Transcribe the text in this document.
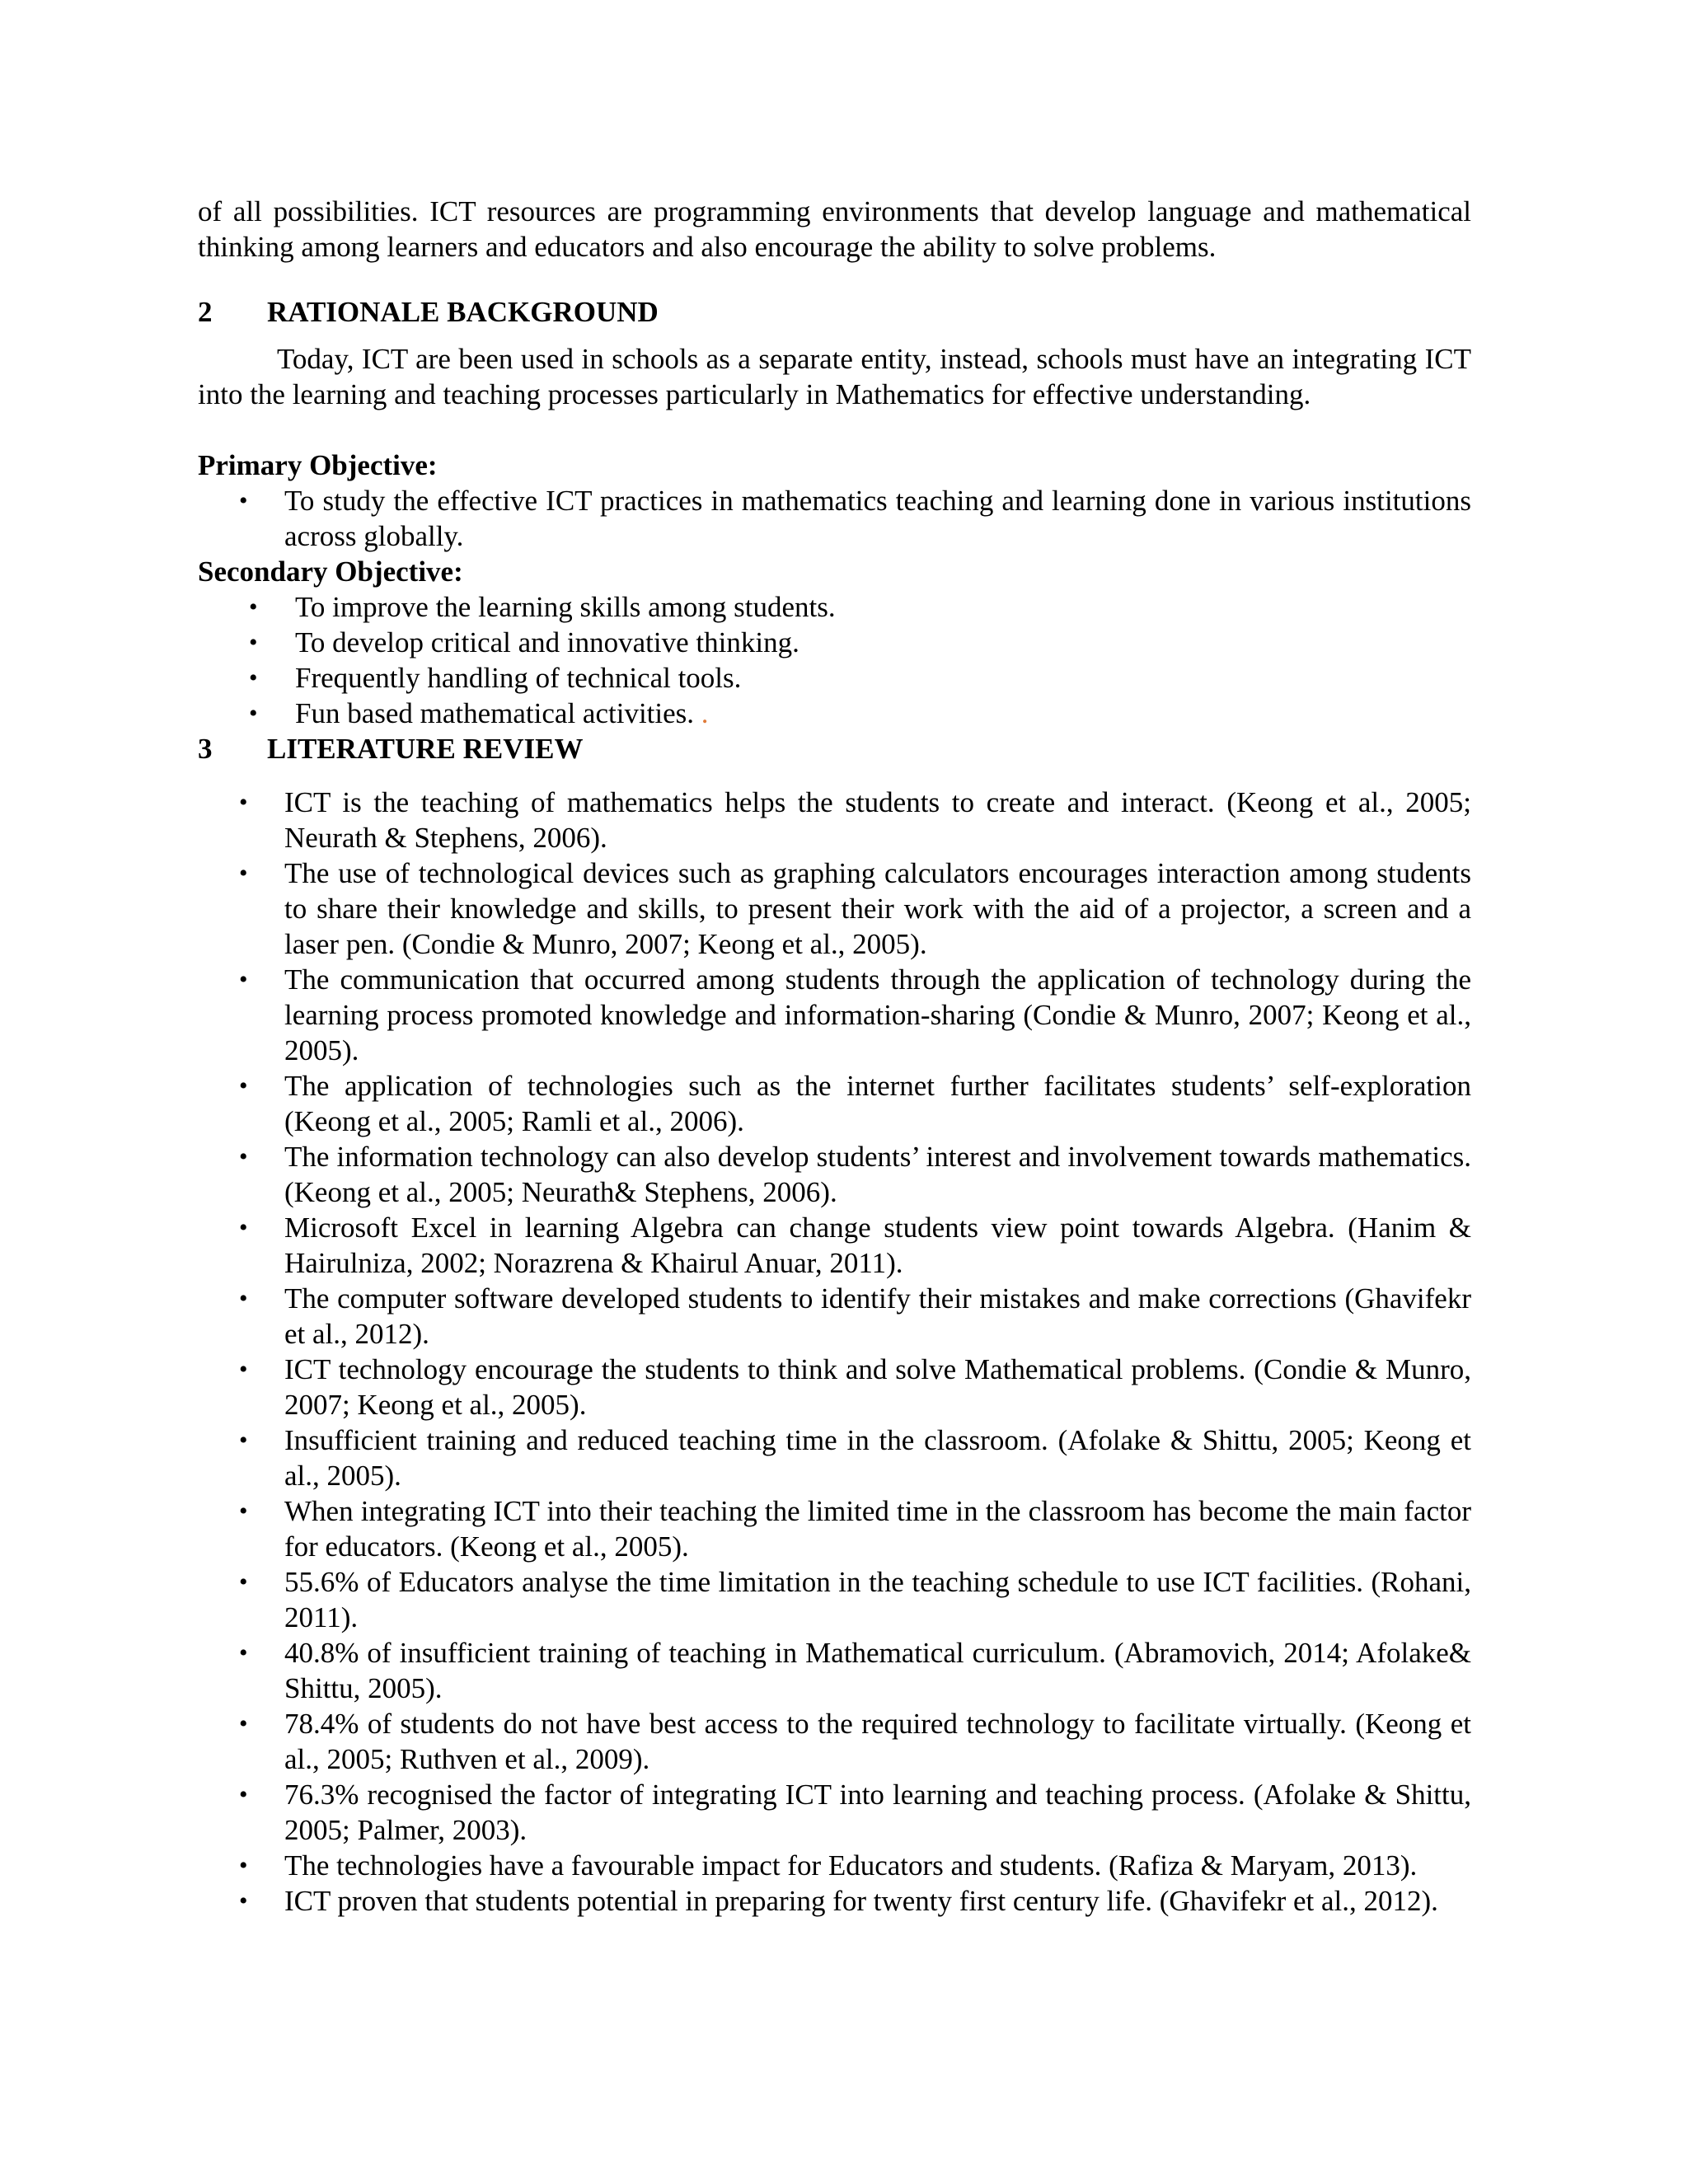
of all possibilities. ICT resources are programming environments that develop language and mathematical thinking among learners and educators and also encourage the ability to solve problems.

2	RATIONALE BACKGROUND

Today, ICT are been used in schools as a separate entity, instead, schools must have an integrating ICT into the learning and teaching processes particularly in Mathematics for effective understanding.

Primary Objective:
• To study the effective ICT practices in mathematics teaching and learning done in various institutions across globally.
Secondary Objective:
• To improve the learning skills among students.
• To develop critical and innovative thinking.
• Frequently handling of technical tools.
• Fun based mathematical activities. .
3	LITERATURE REVIEW
• ICT is the teaching of mathematics helps the students to create and interact. (Keong et al., 2005; Neurath & Stephens, 2006).
• The use of technological devices such as graphing calculators encourages interaction among students to share their knowledge and skills, to present their work with the aid of a projector, a screen and a laser pen. (Condie & Munro, 2007; Keong et al., 2005).
• The communication that occurred among students through the application of technology during the learning process promoted knowledge and information-sharing (Condie & Munro, 2007; Keong et al., 2005).
• The application of technologies such as the internet further facilitates students’ self-exploration (Keong et al., 2005; Ramli et al., 2006).
• The information technology can also develop students’ interest and involvement towards mathematics. (Keong et al., 2005; Neurath& Stephens, 2006).
• Microsoft Excel in learning Algebra can change students view point towards Algebra. (Hanim & Hairulniza, 2002; Norazrena & Khairul Anuar, 2011).
• The computer software developed students to identify their mistakes and make corrections (Ghavifekr et al., 2012).
• ICT technology encourage the students to think and solve Mathematical problems. (Condie & Munro, 2007; Keong et al., 2005).
• Insufficient training and reduced teaching time in the classroom. (Afolake & Shittu, 2005; Keong et al., 2005).
• When integrating ICT into their teaching the limited time in the classroom has become the main factor for educators. (Keong et al., 2005).
• 55.6% of Educators analyse the time limitation in the teaching schedule to use ICT facilities. (Rohani, 2011).
• 40.8% of insufficient training of teaching in Mathematical curriculum. (Abramovich, 2014; Afolake& Shittu, 2005).
• 78.4% of students do not have best access to the required technology to facilitate virtually. (Keong et al., 2005; Ruthven et al., 2009).
• 76.3% recognised the factor of integrating ICT into learning and teaching process. (Afolake & Shittu, 2005; Palmer, 2003).
• The technologies have a favourable impact for Educators and students. (Rafiza & Maryam, 2013).
• ICT proven that students potential in preparing for twenty first century life. (Ghavifekr et al., 2012).
